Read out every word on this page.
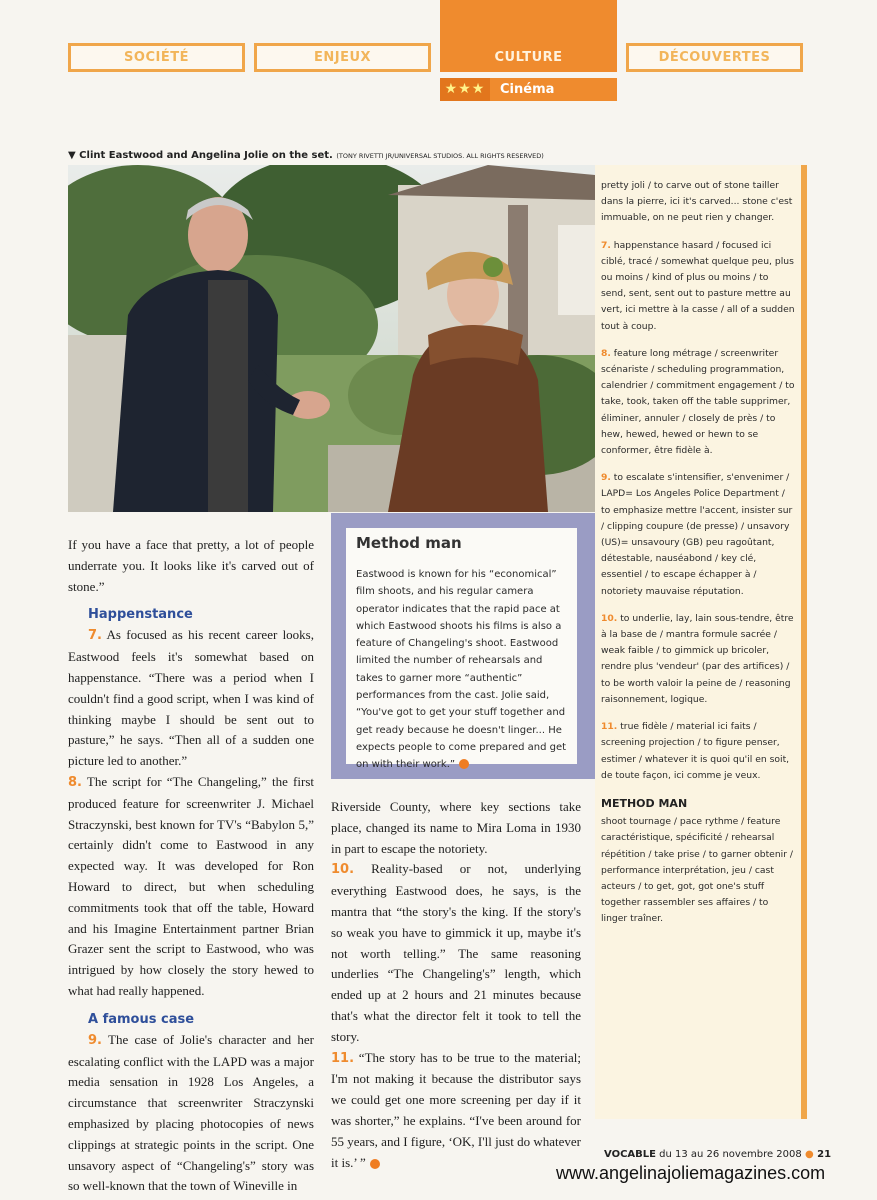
SOCIÉTÉ	ENJEUX	CULTURE	DÉCOUVERTES
★★★	Cinéma
▼ Clint Eastwood and Angelina Jolie on the set. (TONY RIVETTI JR/UNIVERSAL STUDIOS. ALL RIGHTS RESERVED)

If you have a face that pretty, a lot of people underrate you. It looks like it's carved out of stone.”

Happenstance

7. As focused as his recent career looks, Eastwood feels it's somewhat based on happenstance. “There was a period when I couldn't find a good script, when I was kind of thinking maybe I should be sent out to pasture,” he says. “Then all of a sudden one picture led to another.”

8. The script for “The Changeling,” the first produced feature for screenwriter J. Michael Straczynski, best known for TV's “Babylon 5,” certainly didn't come to Eastwood in any expected way. It was developed for Ron Howard to direct, but when scheduling commitments took that off the table, Howard and his Imagine Entertainment partner Brian Grazer sent the script to Eastwood, who was intrigued by how closely the story hewed to what had really happened.

A famous case

9. The case of Jolie's character and her escalating conflict with the LAPD was a major media sensation in 1928 Los Angeles, a circumstance that screenwriter Straczynski emphasized by placing photocopies of news clippings at strategic points in the script. One unsavory aspect of “Changeling's” story was so well-known that the town of Wineville in

Method man
Eastwood is known for his “economical” film shoots, and his regular camera operator indicates that the rapid pace at which Eastwood shoots his films is also a feature of Changeling's shoot. Eastwood limited the number of rehearsals and takes to garner more “authentic” performances from the cast. Jolie said, “You've got to get your stuff together and get ready because he doesn't linger... He expects people to come prepared and get on with their work.”

Riverside County, where key sections take place, changed its name to Mira Loma in 1930 in part to escape the notoriety.

10. Reality-based or not, underlying everything Eastwood does, he says, is the mantra that “the story's the king. If the story's so weak you have to gimmick it up, maybe it's not worth telling.” The same reasoning underlies “The Changeling's” length, which ended up at 2 hours and 21 minutes because that's what the director felt it took to tell the story.

11. “The story has to be true to the material; I'm not making it because the distributor says we could get one more screening per day if it was shorter,” he explains. “I've been around for 55 years, and I figure, ‘OK, I'll just do whatever it is.’ ”

pretty joli / to carve out of stone tailler dans la pierre, ici it's carved... stone c'est immuable, on ne peut rien y changer.

7. happenstance hasard / focused ici ciblé, tracé / somewhat quelque peu, plus ou moins / kind of plus ou moins / to send, sent, sent out to pasture mettre au vert, ici mettre à la casse / all of a sudden tout à coup.

8. feature long métrage / screenwriter scénariste / scheduling programmation, calendrier / commitment engagement / to take, took, taken off the table supprimer, éliminer, annuler / closely de près / to hew, hewed, hewed or hewn to se conformer, être fidèle à.

9. to escalate s'intensifier, s'envenimer / LAPD= Los Angeles Police Department / to emphasize mettre l'accent, insister sur / clipping coupure (de presse) / unsavory (US)= unsavoury (GB) peu ragoûtant, détestable, nauséabond / key clé, essentiel / to escape échapper à / notoriety mauvaise réputation.

10. to underlie, lay, lain sous-tendre, être à la base de / mantra formule sacrée / weak faible / to gimmick up bricoler, rendre plus 'vendeur' (par des artifices) / to be worth valoir la peine de / reasoning raisonnement, logique.

11. true fidèle / material ici faits / screening projection / to figure penser, estimer / whatever it is quoi qu'il en soit, de toute façon, ici comme je veux.

METHOD MAN

shoot tournage / pace rythme / feature caractéristique, spécificité / rehearsal répétition / take prise / to garner obtenir / performance interprétation, jeu / cast acteurs / to get, got, got one's stuff together rassembler ses affaires / to linger traîner.

VOCABLE du 13 au 26 novembre 2008 ● 21
www.angelinajoliemagazines.com
